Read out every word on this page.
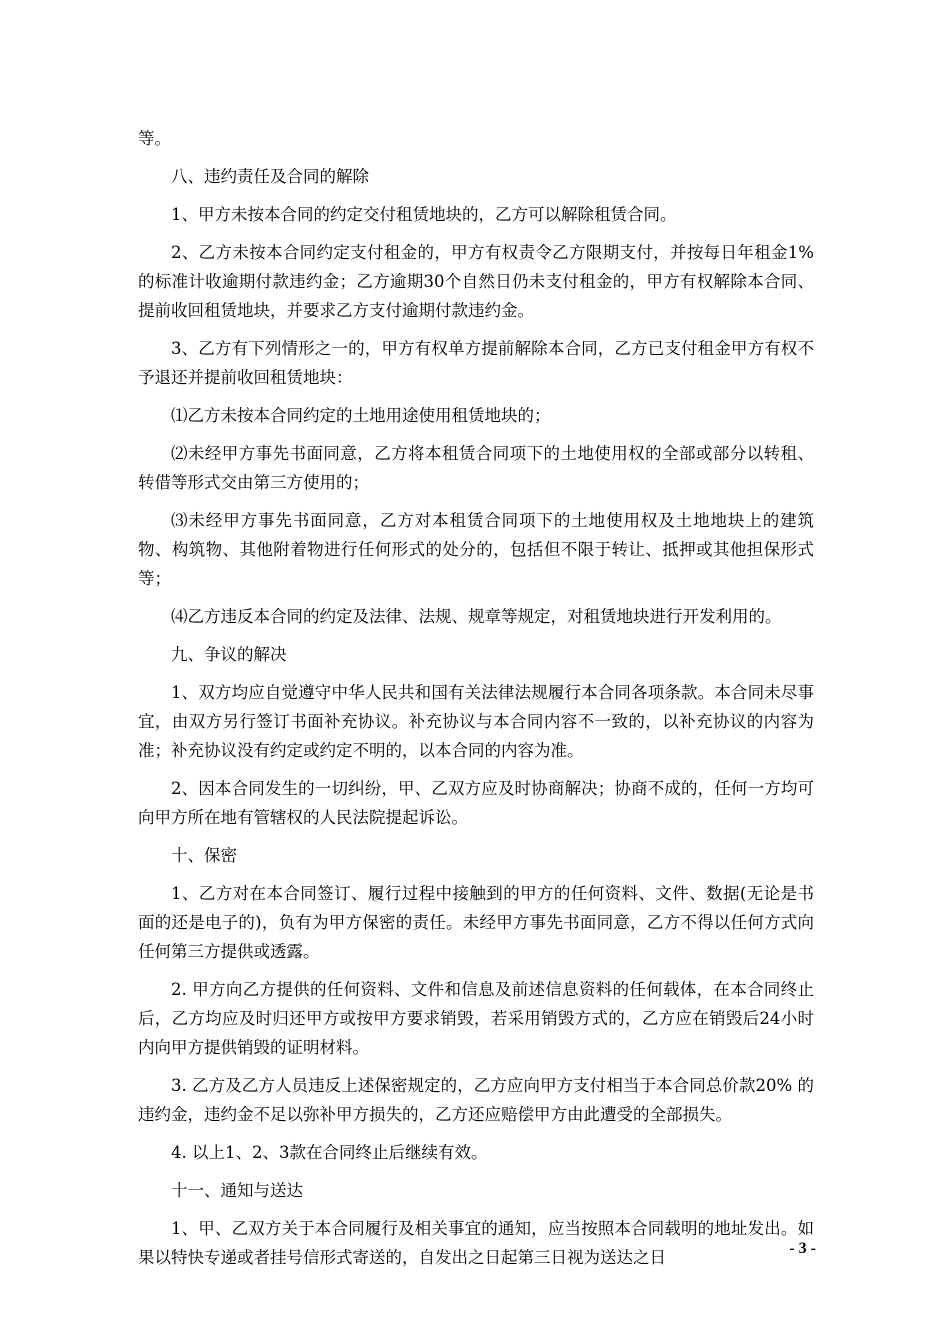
等。

八、违约责任及合同的解除

1、甲方未按本合同的约定交付租赁地块的，乙方可以解除租赁合同。

2、乙方未按本合同约定支付租金的，甲方有权责令乙方限期支付，并按每日年租金1%的标准计收逾期付款违约金；乙方逾期30个自然日仍未支付租金的，甲方有权解除本合同、提前收回租赁地块，并要求乙方支付逾期付款违约金。

3、乙方有下列情形之一的，甲方有权单方提前解除本合同，乙方已支付租金甲方有权不予退还并提前收回租赁地块：

⑴乙方未按本合同约定的土地用途使用租赁地块的；

⑵未经甲方事先书面同意，乙方将本租赁合同项下的土地使用权的全部或部分以转租、转借等形式交由第三方使用的；

⑶未经甲方事先书面同意，乙方对本租赁合同项下的土地使用权及土地地块上的建筑物、构筑物、其他附着物进行任何形式的处分的，包括但不限于转让、抵押或其他担保形式等；

⑷乙方违反本合同的约定及法律、法规、规章等规定，对租赁地块进行开发利用的。

九、争议的解决

1、双方均应自觉遵守中华人民共和国有关法律法规履行本合同各项条款。本合同未尽事宜，由双方另行签订书面补充协议。补充协议与本合同内容不一致的，以补充协议的内容为准；补充协议没有约定或约定不明的，以本合同的内容为准。

2、因本合同发生的一切纠纷，甲、乙双方应及时协商解决；协商不成的，任何一方均可向甲方所在地有管辖权的人民法院提起诉讼。

十、保密

1、乙方对在本合同签订、履行过程中接触到的甲方的任何资料、文件、数据(无论是书面的还是电子的)，负有为甲方保密的责任。未经甲方事先书面同意，乙方不得以任何方式向任何第三方提供或透露。

2. 甲方向乙方提供的任何资料、文件和信息及前述信息资料的任何载体，在本合同终止后，乙方均应及时归还甲方或按甲方要求销毁，若采用销毁方式的，乙方应在销毁后24小时内向甲方提供销毁的证明材料。

3. 乙方及乙方人员违反上述保密规定的，乙方应向甲方支付相当于本合同总价款20% 的违约金，违约金不足以弥补甲方损失的，乙方还应赔偿甲方由此遭受的全部损失。

4. 以上1、2、3款在合同终止后继续有效。

十一、通知与送达

1、甲、乙双方关于本合同履行及相关事宜的通知，应当按照本合同载明的地址发出。如果以特快专递或者挂号信形式寄送的，自发出之日起第三日视为送达之日	- 3 -
